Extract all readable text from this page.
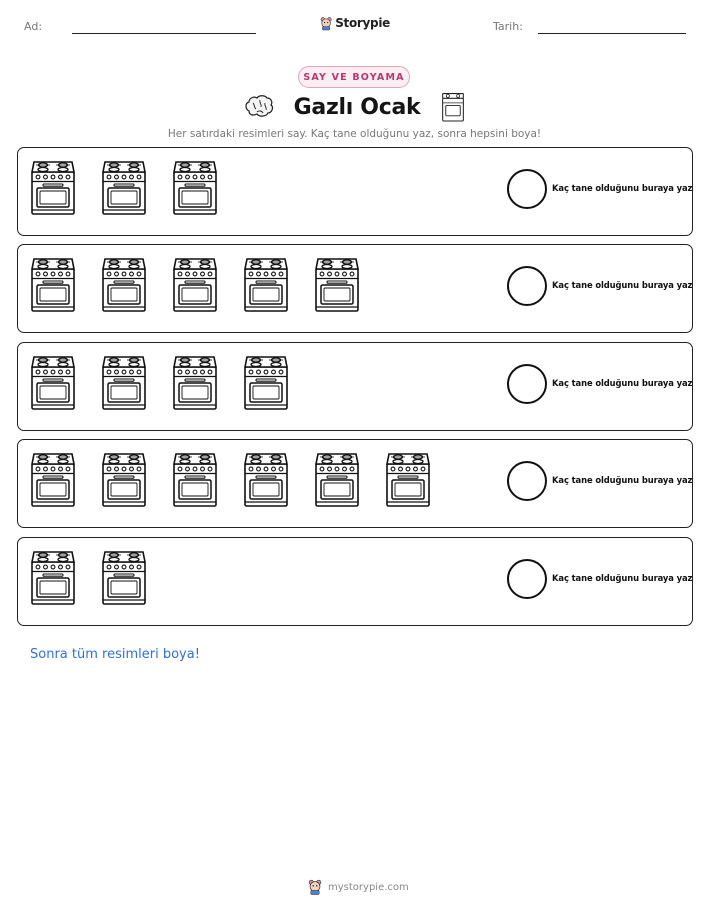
Ad:	Storypie	Tarih:
SAY VE BOYAMA
Gazlı Ocak
Her satırdaki resimleri say. Kaç tane olduğunu yaz, sonra hepsini boya!
Kaç tane olduğunu buraya yaz
Kaç tane olduğunu buraya yaz
Kaç tane olduğunu buraya yaz
Kaç tane olduğunu buraya yaz
Kaç tane olduğunu buraya yaz
Sonra tüm resimleri boya!
mystorypie.com
